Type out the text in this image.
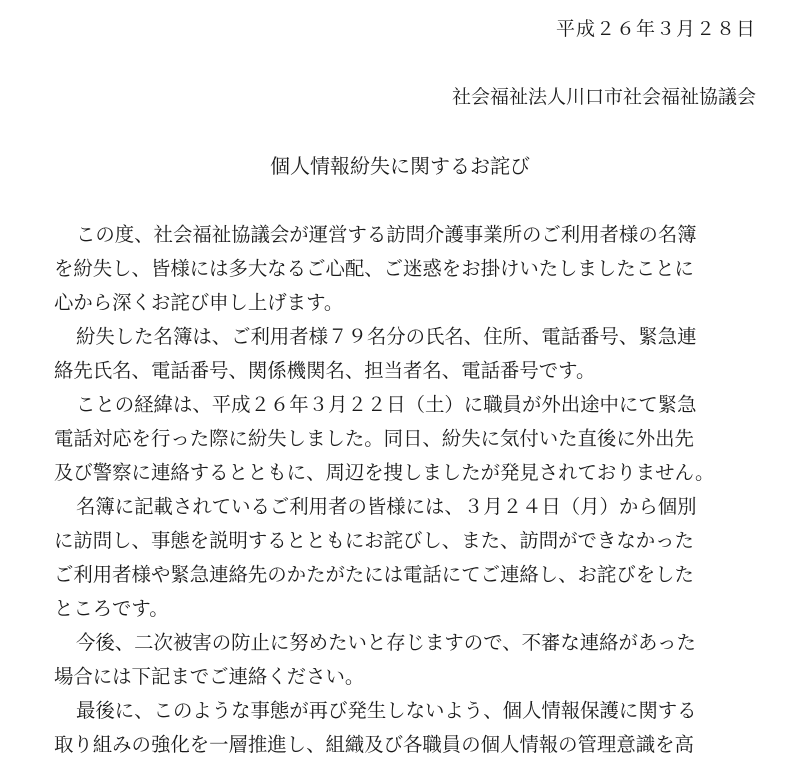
平成２６年３月２８日
社会福祉法人川口市社会福祉協議会
個人情報紛失に関するお詫び

この度、社会福祉協議会が運営する訪問介護事業所のご利用者様の名簿
を紛失し、皆様には多大なるご心配、ご迷惑をお掛けいたしましたことに
心から深くお詫び申し上げます。

紛失した名簿は、ご利用者様７９名分の氏名、住所、電話番号、緊急連
絡先氏名、電話番号、関係機関名、担当者名、電話番号です。

ことの経緯は、平成２６年３月２２日（土）に職員が外出途中にて緊急
電話対応を行った際に紛失しました。同日、紛失に気付いた直後に外出先
及び警察に連絡するとともに、周辺を捜しましたが発見されておりません。

名簿に記載されているご利用者の皆様には、３月２４日（月）から個別
に訪問し、事態を説明するとともにお詫びし、また、訪問ができなかった
ご利用者様や緊急連絡先のかたがたには電話にてご連絡し、お詫びをした
ところです。

今後、二次被害の防止に努めたいと存じますので、不審な連絡があった
場合には下記までご連絡ください。

最後に、このような事態が再び発生しないよう、個人情報保護に関する
取り組みの強化を一層推進し、組織及び各職員の個人情報の管理意識を高
